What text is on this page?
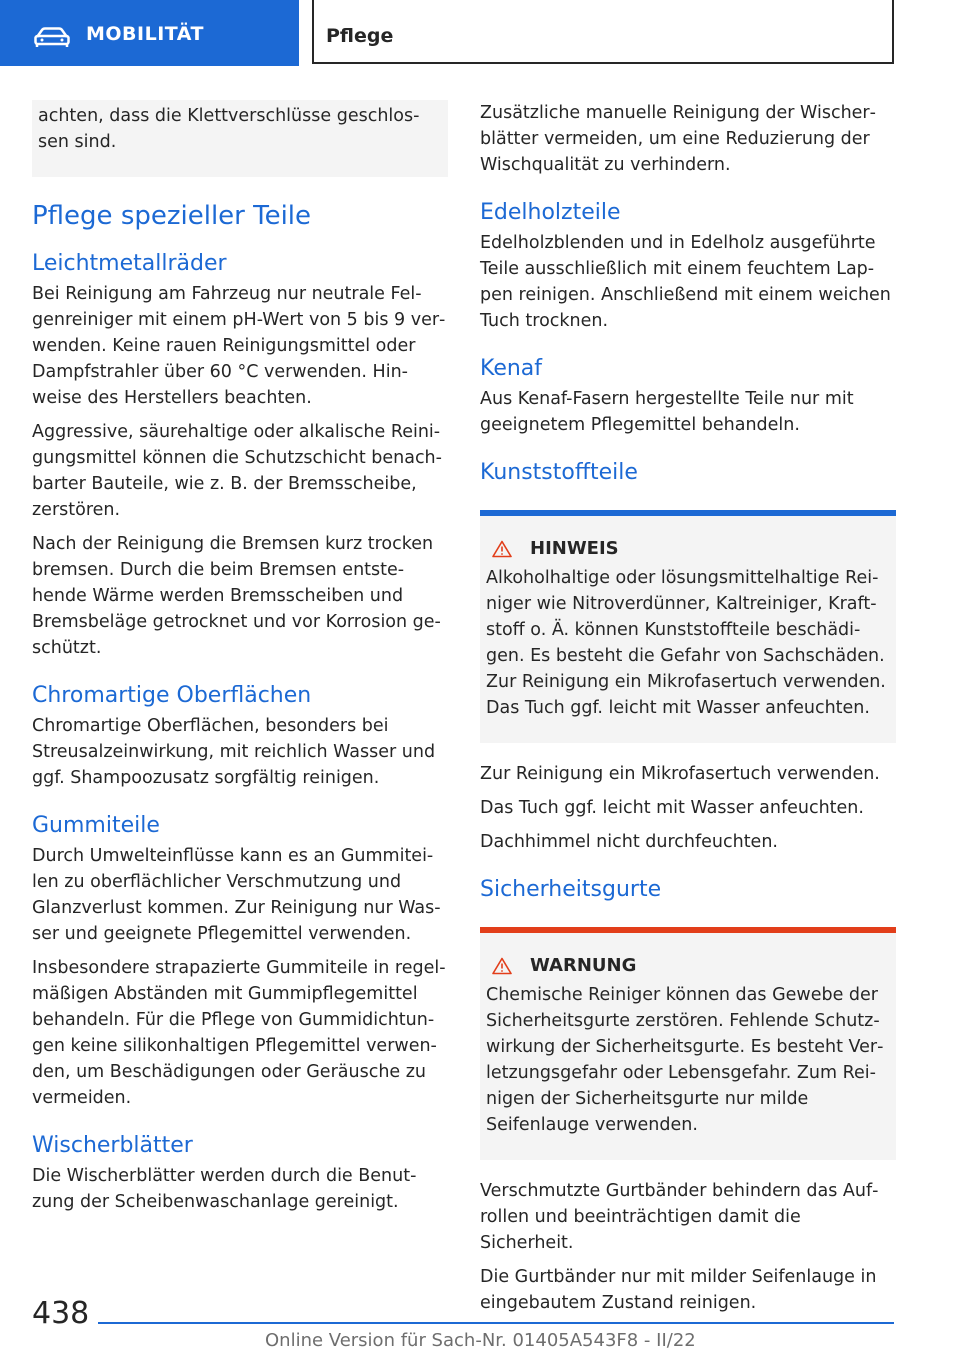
MOBILITÄT	Pflege

achten, dass die Klettverschlüsse geschlos‐ sen sind.

Pflege spezieller Teile
Leichtmetallräder

Bei Reinigung am Fahrzeug nur neutrale Fel‐ genreiniger mit einem pH-Wert von 5 bis 9 ver‐ wenden. Keine rauen Reinigungsmittel oder Dampfstrahler über 60 °C verwenden. Hin‐ weise des Herstellers beachten.

Aggressive, säurehaltige oder alkalische Reini‐ gungsmittel können die Schutzschicht benach‐ barter Bauteile, wie z. B. der Bremsscheibe, zerstören.

Nach der Reinigung die Bremsen kurz trocken bremsen. Durch die beim Bremsen entste‐ hende Wärme werden Bremsscheiben und Bremsbeläge getrocknet und vor Korrosion ge‐ schützt.

Chromartige Oberflächen

Chromartige Oberflächen, besonders bei Streusalzeinwirkung, mit reichlich Wasser und ggf. Shampoozusatz sorgfältig reinigen.

Gummiteile

Durch Umwelteinflüsse kann es an Gummitei‐ len zu oberflächlicher Verschmutzung und Glanzverlust kommen. Zur Reinigung nur Was‐ ser und geeignete Pflegemittel verwenden.

Insbesondere strapazierte Gummiteile in regel‐ mäßigen Abständen mit Gummipflegemittel behandeln. Für die Pflege von Gummidichtun‐ gen keine silikonhaltigen Pflegemittel verwen‐ den, um Beschädigungen oder Geräusche zu vermeiden.

Wischerblätter

Die Wischerblätter werden durch die Benut‐ zung der Scheibenwaschanlage gereinigt.

Zusätzliche manuelle Reinigung der Wischer‐ blätter vermeiden, um eine Reduzierung der Wischqualität zu verhindern.

Edelholzteile

Edelholzblenden und in Edelholz ausgeführte Teile ausschließlich mit einem feuchtem Lap‐ pen reinigen. Anschließend mit einem weichen Tuch trocknen.

Kenaf

Aus Kenaf-Fasern hergestellte Teile nur mit geeignetem Pflegemittel behandeln.

Kunststoffteile
HINWEIS

Alkoholhaltige oder lösungsmittelhaltige Rei‐ niger wie Nitroverdünner, Kaltreiniger, Kraft‐ stoff o. Ä. können Kunststoffteile beschädi‐ gen. Es besteht die Gefahr von Sachschäden. Zur Reinigung ein Mikrofasertuch verwenden. Das Tuch ggf. leicht mit Wasser anfeuchten.

Zur Reinigung ein Mikrofasertuch verwenden.

Das Tuch ggf. leicht mit Wasser anfeuchten.

Dachhimmel nicht durchfeuchten.

Sicherheitsgurte
WARNUNG

Chemische Reiniger können das Gewebe der Sicherheitsgurte zerstören. Fehlende Schutz‐ wirkung der Sicherheitsgurte. Es besteht Ver‐ letzungsgefahr oder Lebensgefahr. Zum Rei‐ nigen der Sicherheitsgurte nur milde Seifenlauge verwenden.

Verschmutzte Gurtbänder behindern das Auf‐ rollen und beeinträchtigen damit die Sicherheit.

Die Gurtbänder nur mit milder Seifenlauge in eingebautem Zustand reinigen.

438
Online Version für Sach-Nr. 01405A543F8 - II/22
